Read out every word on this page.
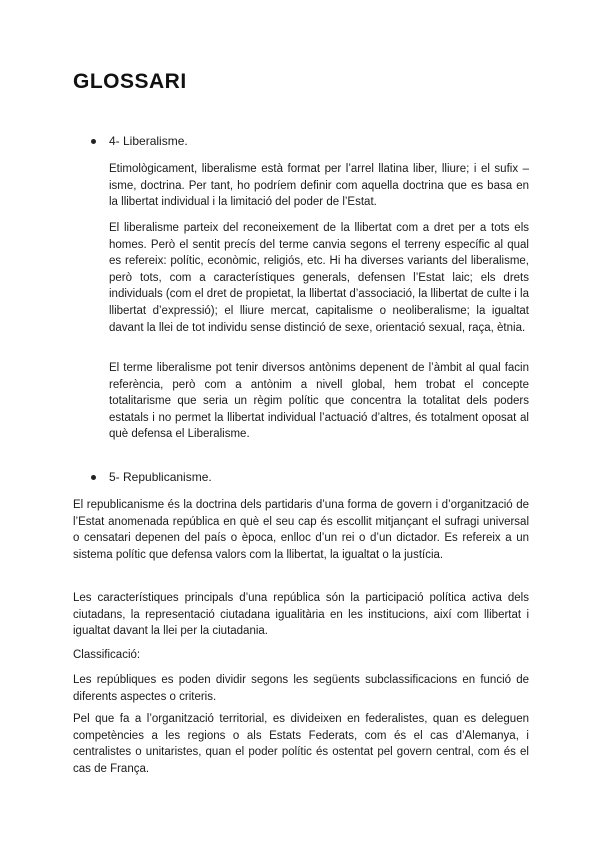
GLOSSARI
4- Liberalisme.

Etimològicament, liberalisme està format per l’arrel llatina liber, lliure; i el sufix –isme, doctrina. Per tant, ho podríem definir com aquella doctrina que es basa en la llibertat individual i la limitació del poder de l’Estat.

El liberalisme parteix del reconeixement de la llibertat com a dret per a tots els homes. Però el sentit precís del terme canvia segons el terreny específic al qual es refereix: polític, econòmic, religiós, etc. Hi ha diverses variants del liberalisme, però tots, com a característiques generals, defensen l’Estat laic; els drets individuals (com el dret de propietat, la llibertat d’associació, la llibertat de culte i la llibertat d’expressió); el lliure mercat, capitalisme o neoliberalisme; la igualtat davant la llei de tot individu sense distinció de sexe, orientació sexual, raça, ètnia.

El terme liberalisme pot tenir diversos antònims depenent de l’àmbit al qual facin referència, però com a antònim a nivell global, hem trobat el concepte totalitarisme que seria un règim polític que concentra la totalitat dels poders estatals i no permet la llibertat individual l’actuació d’altres, és totalment oposat al què defensa el Liberalisme.

5- Republicanisme.

El republicanisme és la doctrina dels partidaris d’una forma de govern i d’organització de l’Estat anomenada república en què el seu cap és escollit mitjançant el sufragi universal o censatari depenen del país o època, enlloc d’un rei o d’un dictador. Es refereix a un sistema polític que defensa valors com la llibertat, la igualtat o la justícia.

Les característiques principals d’una república són la participació política activa dels ciutadans, la representació ciutadana igualitària en les institucions, així com llibertat i igualtat davant la llei per la ciutadania.

Classificació:

Les repúbliques es poden dividir segons les següents subclassificacions en funció de diferents aspectes o criteris.

Pel que fa a l’organització territorial, es divideixen en federalistes, quan es deleguen competències a les regions o als Estats Federats, com és el cas d’Alemanya, i centralistes o unitaristes, quan el poder polític és ostentat pel govern central, com és el cas de França.
